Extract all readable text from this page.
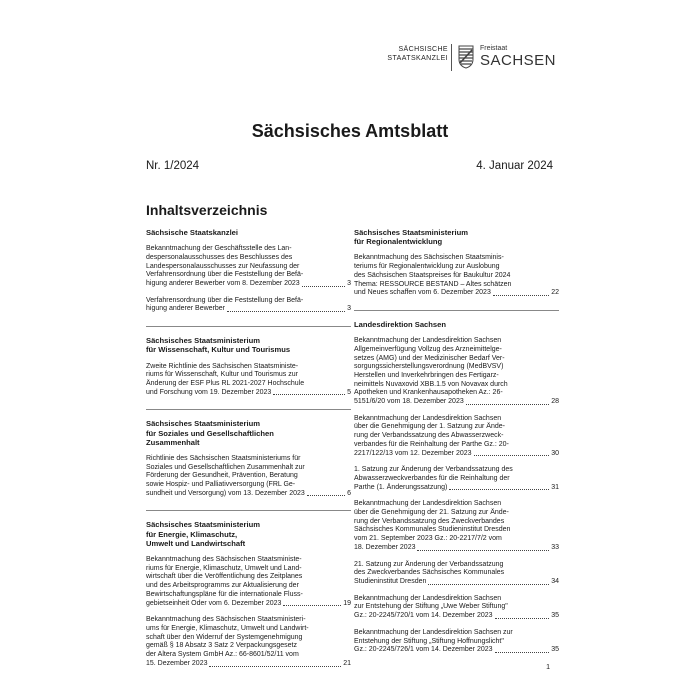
SÄCHSISCHE
STAATSKANZLEI
Freistaat
SACHSEN
Sächsisches Amtsblatt
Nr. 1/2024	4. Januar 2024
Inhaltsverzeichnis
Sächsische Staatskanzlei
Bekanntmachung der Geschäftsstelle des Lan-
despersonalausschusses des Beschlusses des
Landespersonalausschusses zur Neufassung der
Verfahrensordnung über die Feststellung der Befä-
higung anderer Bewerber vom 8. Dezember 2023	3
Verfahrensordnung über die Feststellung der Befä-
higung anderer Bewerber	3
Sächsisches Staatsministerium
für Wissenschaft, Kultur und Tourismus
Zweite Richtlinie des Sächsischen Staatsministe-
riums für Wissenschaft, Kultur und Tourismus zur
Änderung der ESF Plus RL 2021-2027 Hochschule
und Forschung vom 19. Dezember 2023	5
Sächsisches Staatsministerium
für Soziales und Gesellschaftlichen
Zusammenhalt
Richtlinie des Sächsischen Staatsministeriums für
Soziales und Gesellschaftlichen Zusammenhalt zur
Förderung der Gesundheit, Prävention, Beratung
sowie Hospiz- und Palliativversorgung (FRL Ge-
sundheit und Versorgung) vom 13. Dezember 2023	6
Sächsisches Staatsministerium
für Energie, Klimaschutz,
Umwelt und Landwirtschaft
Bekanntmachung des Sächsischen Staatsministe-
riums für Energie, Klimaschutz, Umwelt und Land-
wirtschaft über die Veröffentlichung des Zeitplanes
und des Arbeitsprogramms zur Aktualisierung der
Bewirtschaftungspläne für die internationale Fluss-
gebietseinheit Oder vom 6. Dezember 2023	19
Bekanntmachung des Sächsischen Staatsministeri-
ums für Energie, Klimaschutz, Umwelt und Landwirt-
schaft über den Widerruf der Systemgenehmigung
gemäß § 18 Absatz 3 Satz 2 Verpackungsgesetz
der Altera System GmbH Az.: 66-8601/52/11 vom
15. Dezember 2023	21
Sächsisches Staatsministerium
für Regionalentwicklung
Bekanntmachung des Sächsischen Staatsminis-
teriums für Regionalentwicklung zur Auslobung
des Sächsischen Staatspreises für Baukultur 2024
Thema: RESSOURCE BESTAND – Altes schätzen
und Neues schaffen vom 6. Dezember 2023	22
Landesdirektion Sachsen
Bekanntmachung der Landesdirektion Sachsen
Allgemeinverfügung Vollzug des Arzneimittelge-
setzes (AMG) und der Medizinischer Bedarf Ver-
sorgungssicherstellungsverordnung (MedBVSV)
Herstellen und Inverkehrbringen des Fertigarz-
neimittels Nuvaxovid XBB.1.5 von Novavax durch
Apotheken und Krankenhausapotheken Az.: 26-
5151/6/20 vom 18. Dezember 2023	28
Bekanntmachung der Landesdirektion Sachsen
über die Genehmigung der 1. Satzung zur Ände-
rung der Verbandssatzung des Abwasserzweck-
verbandes für die Reinhaltung der Parthe Gz.: 20-
2217/122/13 vom 12. Dezember 2023	30
1. Satzung zur Änderung der Verbandssatzung des
Abwasserzweckverbandes für die Reinhaltung der
Parthe (1. Änderungssatzung)	31
Bekanntmachung der Landesdirektion Sachsen
über die Genehmigung der 21. Satzung zur Ände-
rung der Verbandssatzung des Zweckverbandes
Sächsisches Kommunales Studieninstitut Dresden
vom 21. September 2023 Gz.: 20-2217/7/2 vom
18. Dezember 2023	33
21. Satzung zur Änderung der Verbandssatzung
des Zweckverbandes Sächsisches Kommunales
Studieninstitut Dresden	34
Bekanntmachung der Landesdirektion Sachsen
zur Entstehung der Stiftung „Uwe Weber Stiftung"
Gz.: 20-2245/720/1 vom 14. Dezember 2023	35
Bekanntmachung der Landesdirektion Sachsen zur
Entstehung der Stiftung „Stiftung Hoffnungslicht"
Gz.: 20-2245/726/1 vom 14. Dezember 2023	35
1
